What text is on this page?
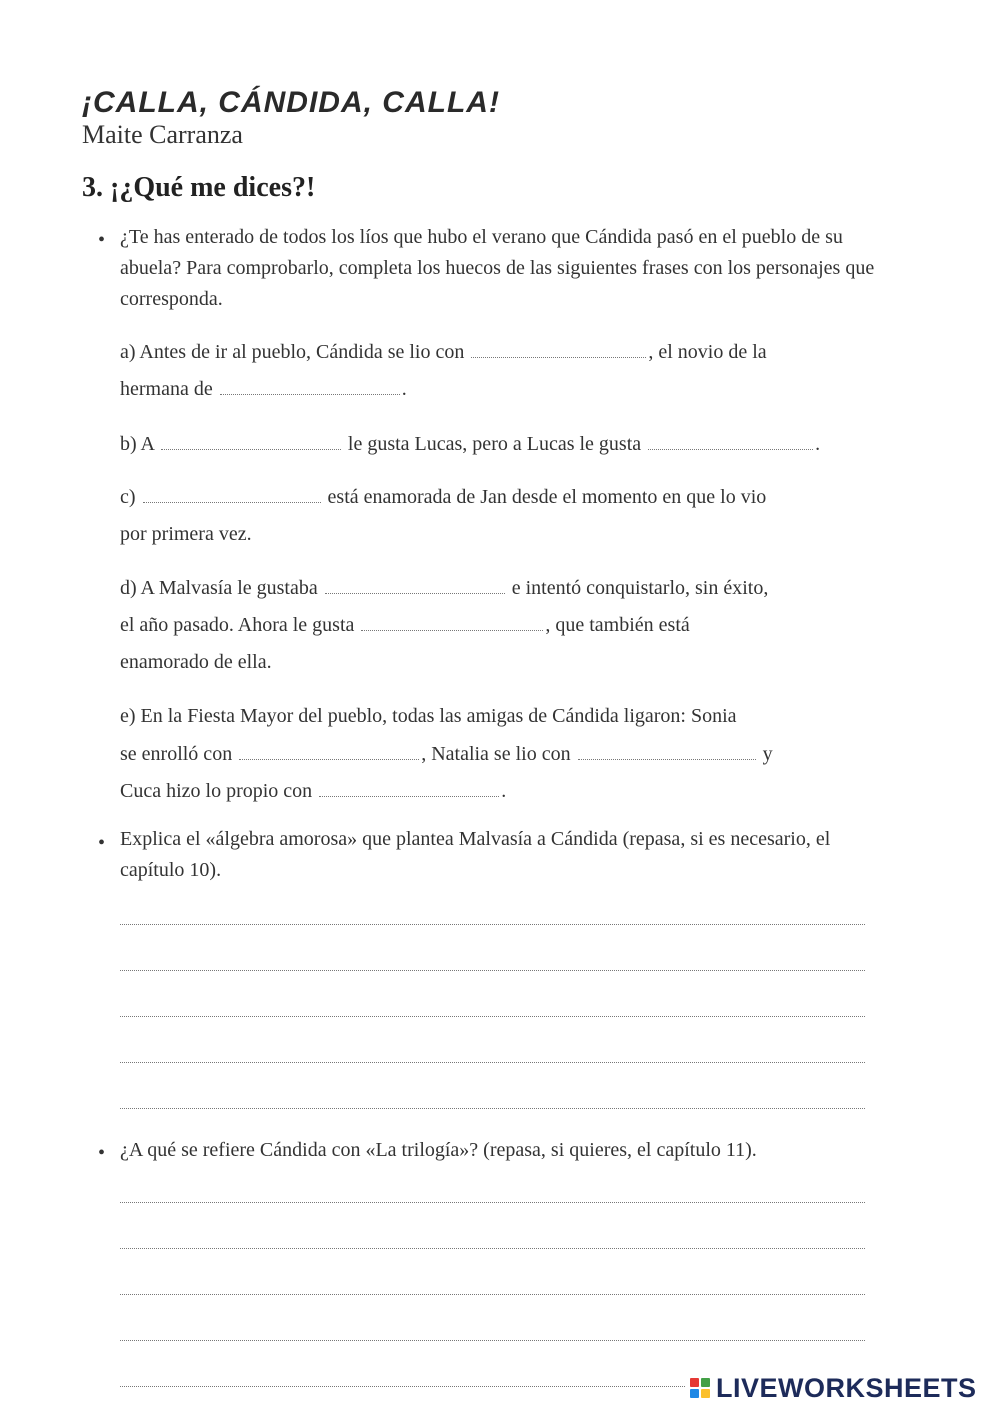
¡CALLA, CÁNDIDA, CALLA!
Maite Carranza
3. ¡¿Qué me dices?!
• ¿Te has enterado de todos los líos que hubo el verano que Cándida pasó en el pueblo de su abuela? Para comprobarlo, completa los huecos de las siguientes frases con los personajes que corresponda.
a) Antes de ir al pueblo, Cándida se lio con	, el novio de la
hermana de	.
b) A	le gusta Lucas, pero a Lucas le gusta	.
c)	está enamorada de Jan desde el momento en que lo vio
por primera vez.
d) A Malvasía le gustaba	e intentó conquistarlo, sin éxito,
el año pasado. Ahora le gusta	, que también está
enamorado de ella.
e) En la Fiesta Mayor del pueblo, todas las amigas de Cándida ligaron: Sonia
se enrolló con	, Natalia se lio con	y
Cuca hizo lo propio con	.
• Explica el «álgebra amorosa» que plantea Malvasía a Cándida (repasa, si es necesario, el capítulo 10).
• ¿A qué se refiere Cándida con «La trilogía»? (repasa, si quieres, el capítulo 11).
LIVEWORKSHEETS
